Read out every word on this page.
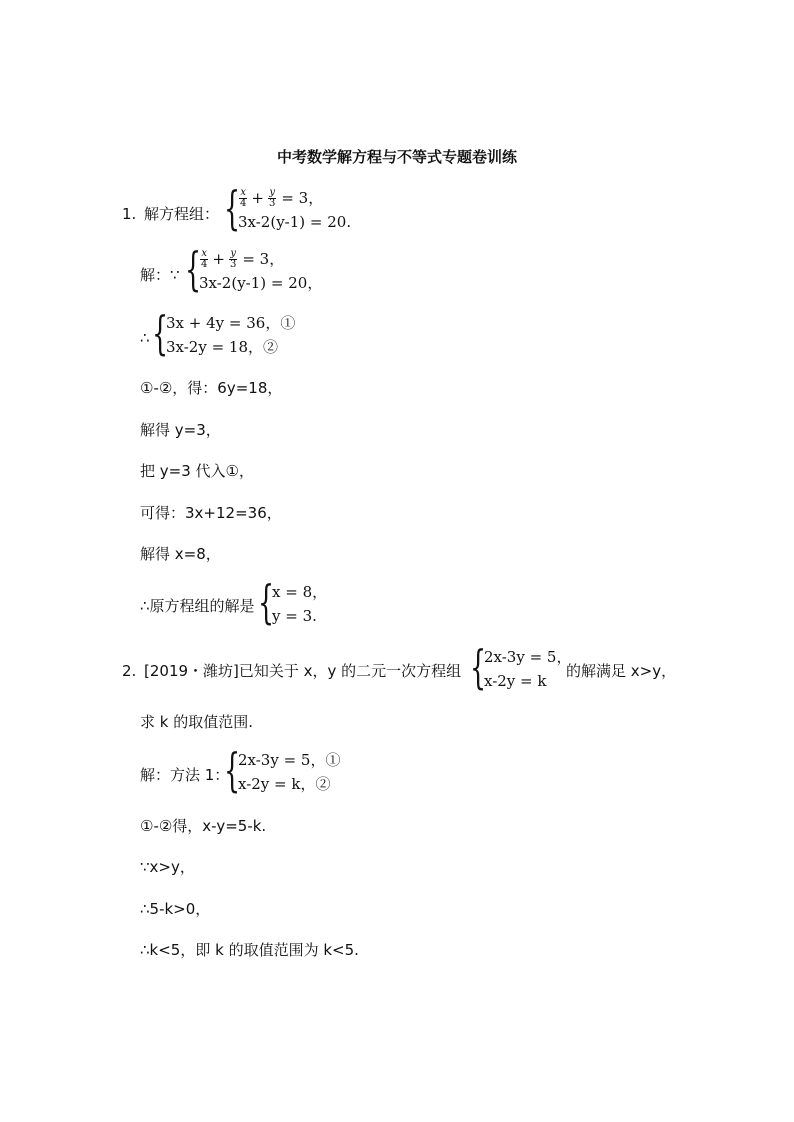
中考数学解方程与不等式专题卷训练
1. 解方程组： {
$\frac{x}{4} + \frac{y}{3} = 3$，
3x-2(y-1) = 20.
解：∵ {
$\frac{x}{4} + \frac{y}{3} = 3$，
3x-2(y-1) = 20，
∴ {
3x + 4y = 36，①
3x-2y = 18，②
①-②，得：6y=18，
解得 y=3，
把 y=3 代入①，
可得：3x+12=36，
解得 x=8，
∴原方程组的解是 {
x = 8，
y = 3.
2. [2019・潍坊]已知关于 x，y 的二元一次方程组 {
2x-3y = 5，
x-2y = k
的解满足 x>y，
求 k 的取值范围.
解：方法 1：
{
2x-3y = 5，①
x-2y = k，②
①-②得，x-y=5-k.
∵x>y，
∴5-k>0，
∴k<5，即 k 的取值范围为 k<5.
